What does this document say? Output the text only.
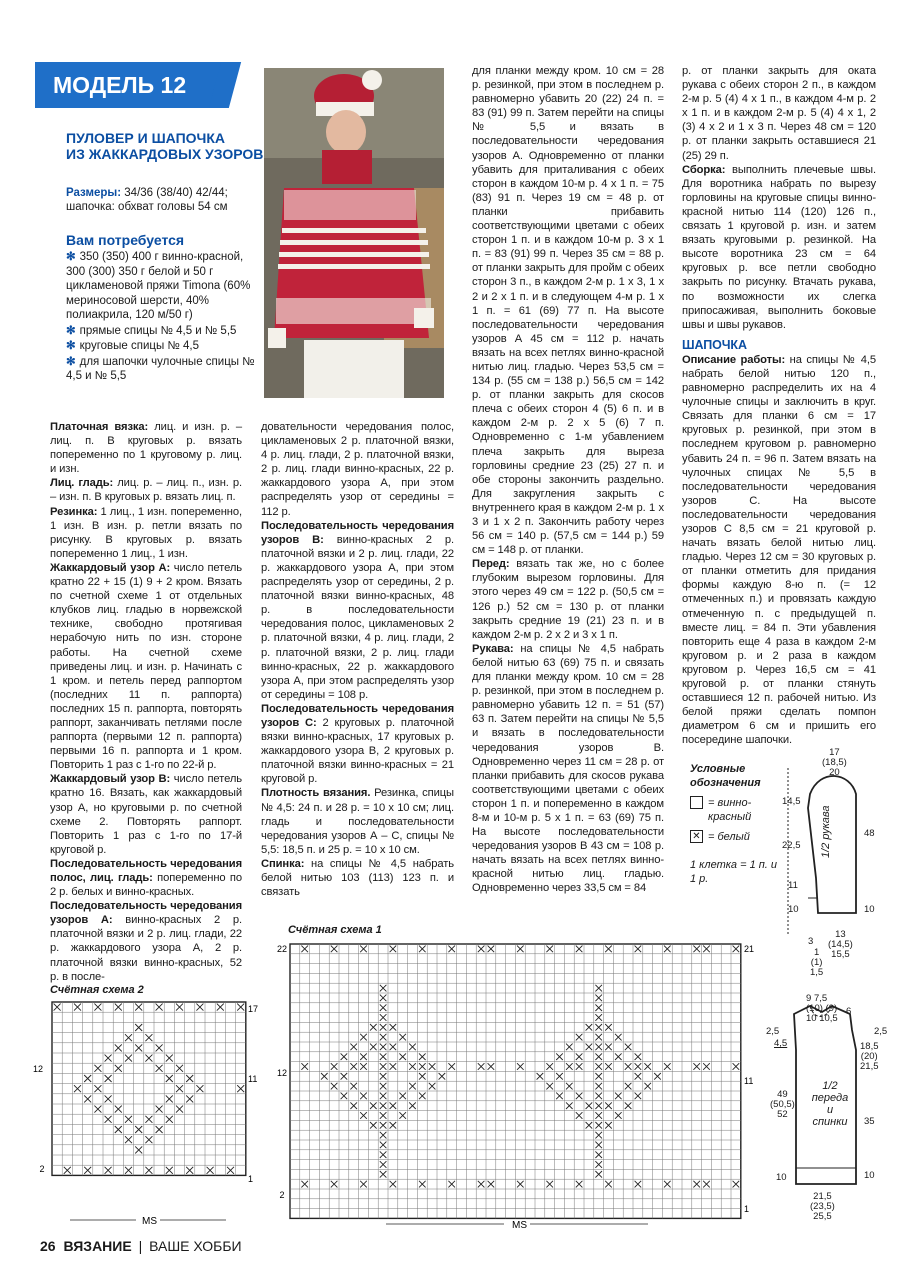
МОДЕЛЬ 12
ПУЛОВЕР И ШАПОЧКА
ИЗ ЖАККАРДОВЫХ УЗОРОВ
Размеры: 34/36 (38/40) 42/44; шапочка: обхват головы 54 см
Вам потребуется
✻ 350 (350) 400 г винно-красной, 300 (300) 350 г белой и 50 г цикламеновой пряжи Timona (60% мериносовой шерсти, 40% полиакрила, 120 м/50 г)
✻ прямые спицы № 4,5 и № 5,5
✻ круговые спицы № 4,5
✻ для шапочки чулочные спицы № 4,5 и № 5,5

Платочная вязка: лиц. и изн. р. – лиц. п. В круговых р. вязать попеременно по 1 круговому р. лиц. и изн.

Лиц. гладь: лиц. р. – лиц. п., изн. р. – изн. п. В круговых р. вязать лиц. п.

Резинка: 1 лиц., 1 изн. попеременно, 1 изн. В изн. р. петли вязать по рисунку. В круговых р. вязать попеременно 1 лиц., 1 изн.

Жаккардовый узор А: число петель кратно 22 + 15 (1) 9 + 2 кром. Вязать по счетной схеме 1 от отдельных клубков лиц. гладью в норвежской технике, свободно протягивая нерабочую нить по изн. стороне работы. На счетной схеме приведены лиц. и изн. р. Начинать с 1 кром. и петель перед раппортом (последних 11 п. раппорта) последних 15 п. раппорта, повторять раппорт, заканчивать петлями после раппорта (первыми 12 п. раппорта) первыми 16 п. раппорта и 1 кром. Повторить 1 раз с 1-го по 22-й р.

Жаккардовый узор В: число петель кратно 16. Вязать, как жаккардовый узор А, но круговыми р. по счетной схеме 2. Повторять раппорт. Повторить 1 раз с 1-го по 17-й круговой р.

Последовательность чередования полос, лиц. гладь: попеременно по 2 р. белых и винно-красных.

Последовательность чередования узоров А: винно-красных 2 р. платочной вязки и 2 р. лиц. глади, 22 р. жаккардового узора А, 2 р. платочной вязки винно-красных, 52 р. в после-

довательности чередования полос, цикламеновых 2 р. платочной вязки, 4 р. лиц. глади, 2 р. платочной вязки, 2 р. лиц. глади винно-красных, 22 р. жаккардового узора А, при этом распределять узор от середины = 112 р.

Последовательность чередования узоров В: винно-красных 2 р. платочной вязки и 2 р. лиц. глади, 22 р. жаккардового узора А, при этом распределять узор от середины, 2 р. платочной вязки винно-красных, 48 р. в последовательности чередования полос, цикламеновых 2 р. платочной вязки, 4 р. лиц. глади, 2 р. платочной вязки, 2 р. лиц. глади винно-красных, 22 р. жаккардового узора А, при этом распределять узор от середины = 108 р.

Последовательность чередования узоров С: 2 круговых р. платочной вязки винно-красных, 17 круговых р. жаккардового узора В, 2 круговых р. платочной вязки винно-красных = 21 круговой р.

Плотность вязания. Резинка, спицы № 4,5: 24 п. и 28 р. = 10 х 10 см; лиц. гладь и последовательности чередования узоров А – С, спицы № 5,5: 18,5 п. и 25 р. = 10 х 10 см.

Спинка: на спицы № 4,5 набрать белой нитью 103 (113) 123 п. и связать

для планки между кром. 10 см = 28 р. резинкой, при этом в последнем р. равномерно убавить 20 (22) 24 п. = 83 (91) 99 п. Затем перейти на спицы № 5,5 и вязать в последовательности чередования узоров А. Одновременно от планки убавить для приталивания с обеих сторон в каждом 10-м р. 4 х 1 п. = 75 (83) 91 п. Через 19 см = 48 р. от планки прибавить соответствующими цветами с обеих сторон 1 п. и в каждом 10-м р. 3 х 1 п. = 83 (91) 99 п. Через 35 см = 88 р. от планки закрыть для пройм с обеих сторон 3 п., в каждом 2-м р. 1 х 3, 1 х 2 и 2 х 1 п. и в следующем 4-м р. 1 х 1 п. = 61 (69) 77 п. На высоте последовательности чередования узоров А 45 см = 112 р. начать вязать на всех петлях винно-красной нитью лиц. гладью. Через 53,5 см = 134 р. (55 см = 138 р.) 56,5 см = 142 р. от планки закрыть для скосов плеча с обеих сторон 4 (5) 6 п. и в каждом 2-м р. 2 х 5 (6) 7 п. Одновременно с 1-м убавлением плеча закрыть для выреза горловины средние 23 (25) 27 п. и обе стороны закончить раздельно. Для закругления закрыть с внутреннего края в каждом 2-м р. 1 х 3 и 1 х 2 п. Закончить работу через 56 см = 140 р. (57,5 см = 144 р.) 59 см = 148 р. от планки.

Перед: вязать так же, но с более глубоким вырезом горловины. Для этого через 49 см = 122 р. (50,5 см = 126 р.) 52 см = 130 р. от планки закрыть средние 19 (21) 23 п. и в каждом 2-м р. 2 х 2 и 3 х 1 п.

Рукава: на спицы № 4,5 набрать белой нитью 63 (69) 75 п. и связать для планки между кром. 10 см = 28 р. резинкой, при этом в последнем р. равномерно убавить 12 п. = 51 (57) 63 п. Затем перейти на спицы № 5,5 и вязать в последовательности чередования узоров В. Одновременно через 11 см = 28 р. от планки прибавить для скосов рукава соответствующими цветами с обеих сторон 1 п. и попеременно в каждом 8-м и 10-м р. 5 х 1 п. = 63 (69) 75 п. На высоте последовательности чередования узоров В 43 см = 108 р. начать вязать на всех петлях винно-красной нитью лиц. гладью. Одновременно через 33,5 см = 84

р. от планки закрыть для оката рукава с обеих сторон 2 п., в каждом 2-м р. 5 (4) 4 х 1 п., в каждом 4-м р. 2 х 1 п. и в каждом 2-м р. 5 (4) 4 х 1, 2 (3) 4 х 2 и 1 х 3 п. Через 48 см = 120 р. от планки закрыть оставшиеся 21 (25) 29 п.

Сборка: выполнить плечевые швы. Для воротника набрать по вырезу горловины на круговые спицы винно-красной нитью 114 (120) 126 п., связать 1 круговой р. изн. и затем вязать круговыми р. резинкой. На высоте воротника 23 см = 64 круговых р. все петли свободно закрыть по рисунку. Втачать рукава, по возможности их слегка припосаживая, выполнить боковые швы и швы рукавов.

ШАПОЧКА

Описание работы: на спицы № 4,5 набрать белой нитью 120 п., равномерно распределить их на 4 чулочные спицы и заключить в круг. Связать для планки 6 см = 17 круговых р. резинкой, при этом в последнем круговом р. равномерно убавить 24 п. = 96 п. Затем вязать на чулочных спицах № 5,5 в последовательности чередования узоров С. На высоте последовательности чередования узоров С 8,5 см = 21 круговой р. начать вязать белой нитью лиц. гладью. Через 12 см = 30 круговых р. от планки отметить для придания формы каждую 8-ю п. (= 12 отмеченных п.) и провязать каждую отмеченную п. с предыдущей п. вместе лиц. = 84 п. Эти убавления повторить еще 4 раза в каждом 2-м круговом р. и 2 раза в каждом круговом р. Через 16,5 см = 41 круговой р. от планки стянуть оставшиеся 12 п. рабочей нитью. Из белой пряжи сделать помпон диаметром 6 см и пришить его посередине шапочки.

Условные обозначения
= винно-красный
✕ = белый
1 клетка = 1 п. и 1 р.
17
(18,5)
20
14,5
22,5
11
10
48
10
1/2 рукава
3
13
(14,5)
15,5
1
(1)
1,5
9 7,5
(10) (9)
10 10,5
6
2,5
4,5
2,5
18,5
(20)
21,5
49
(50,5)
52
35
10
10
1/2 переда и спинки
21,5
(23,5)
25,5
Счётная схема 2
17
11
1
12
2
MS
Счётная схема 1
21
11
1
22
12
2
MS
26 ВЯЗАНИЕ | ВАШЕ ХОББИ
